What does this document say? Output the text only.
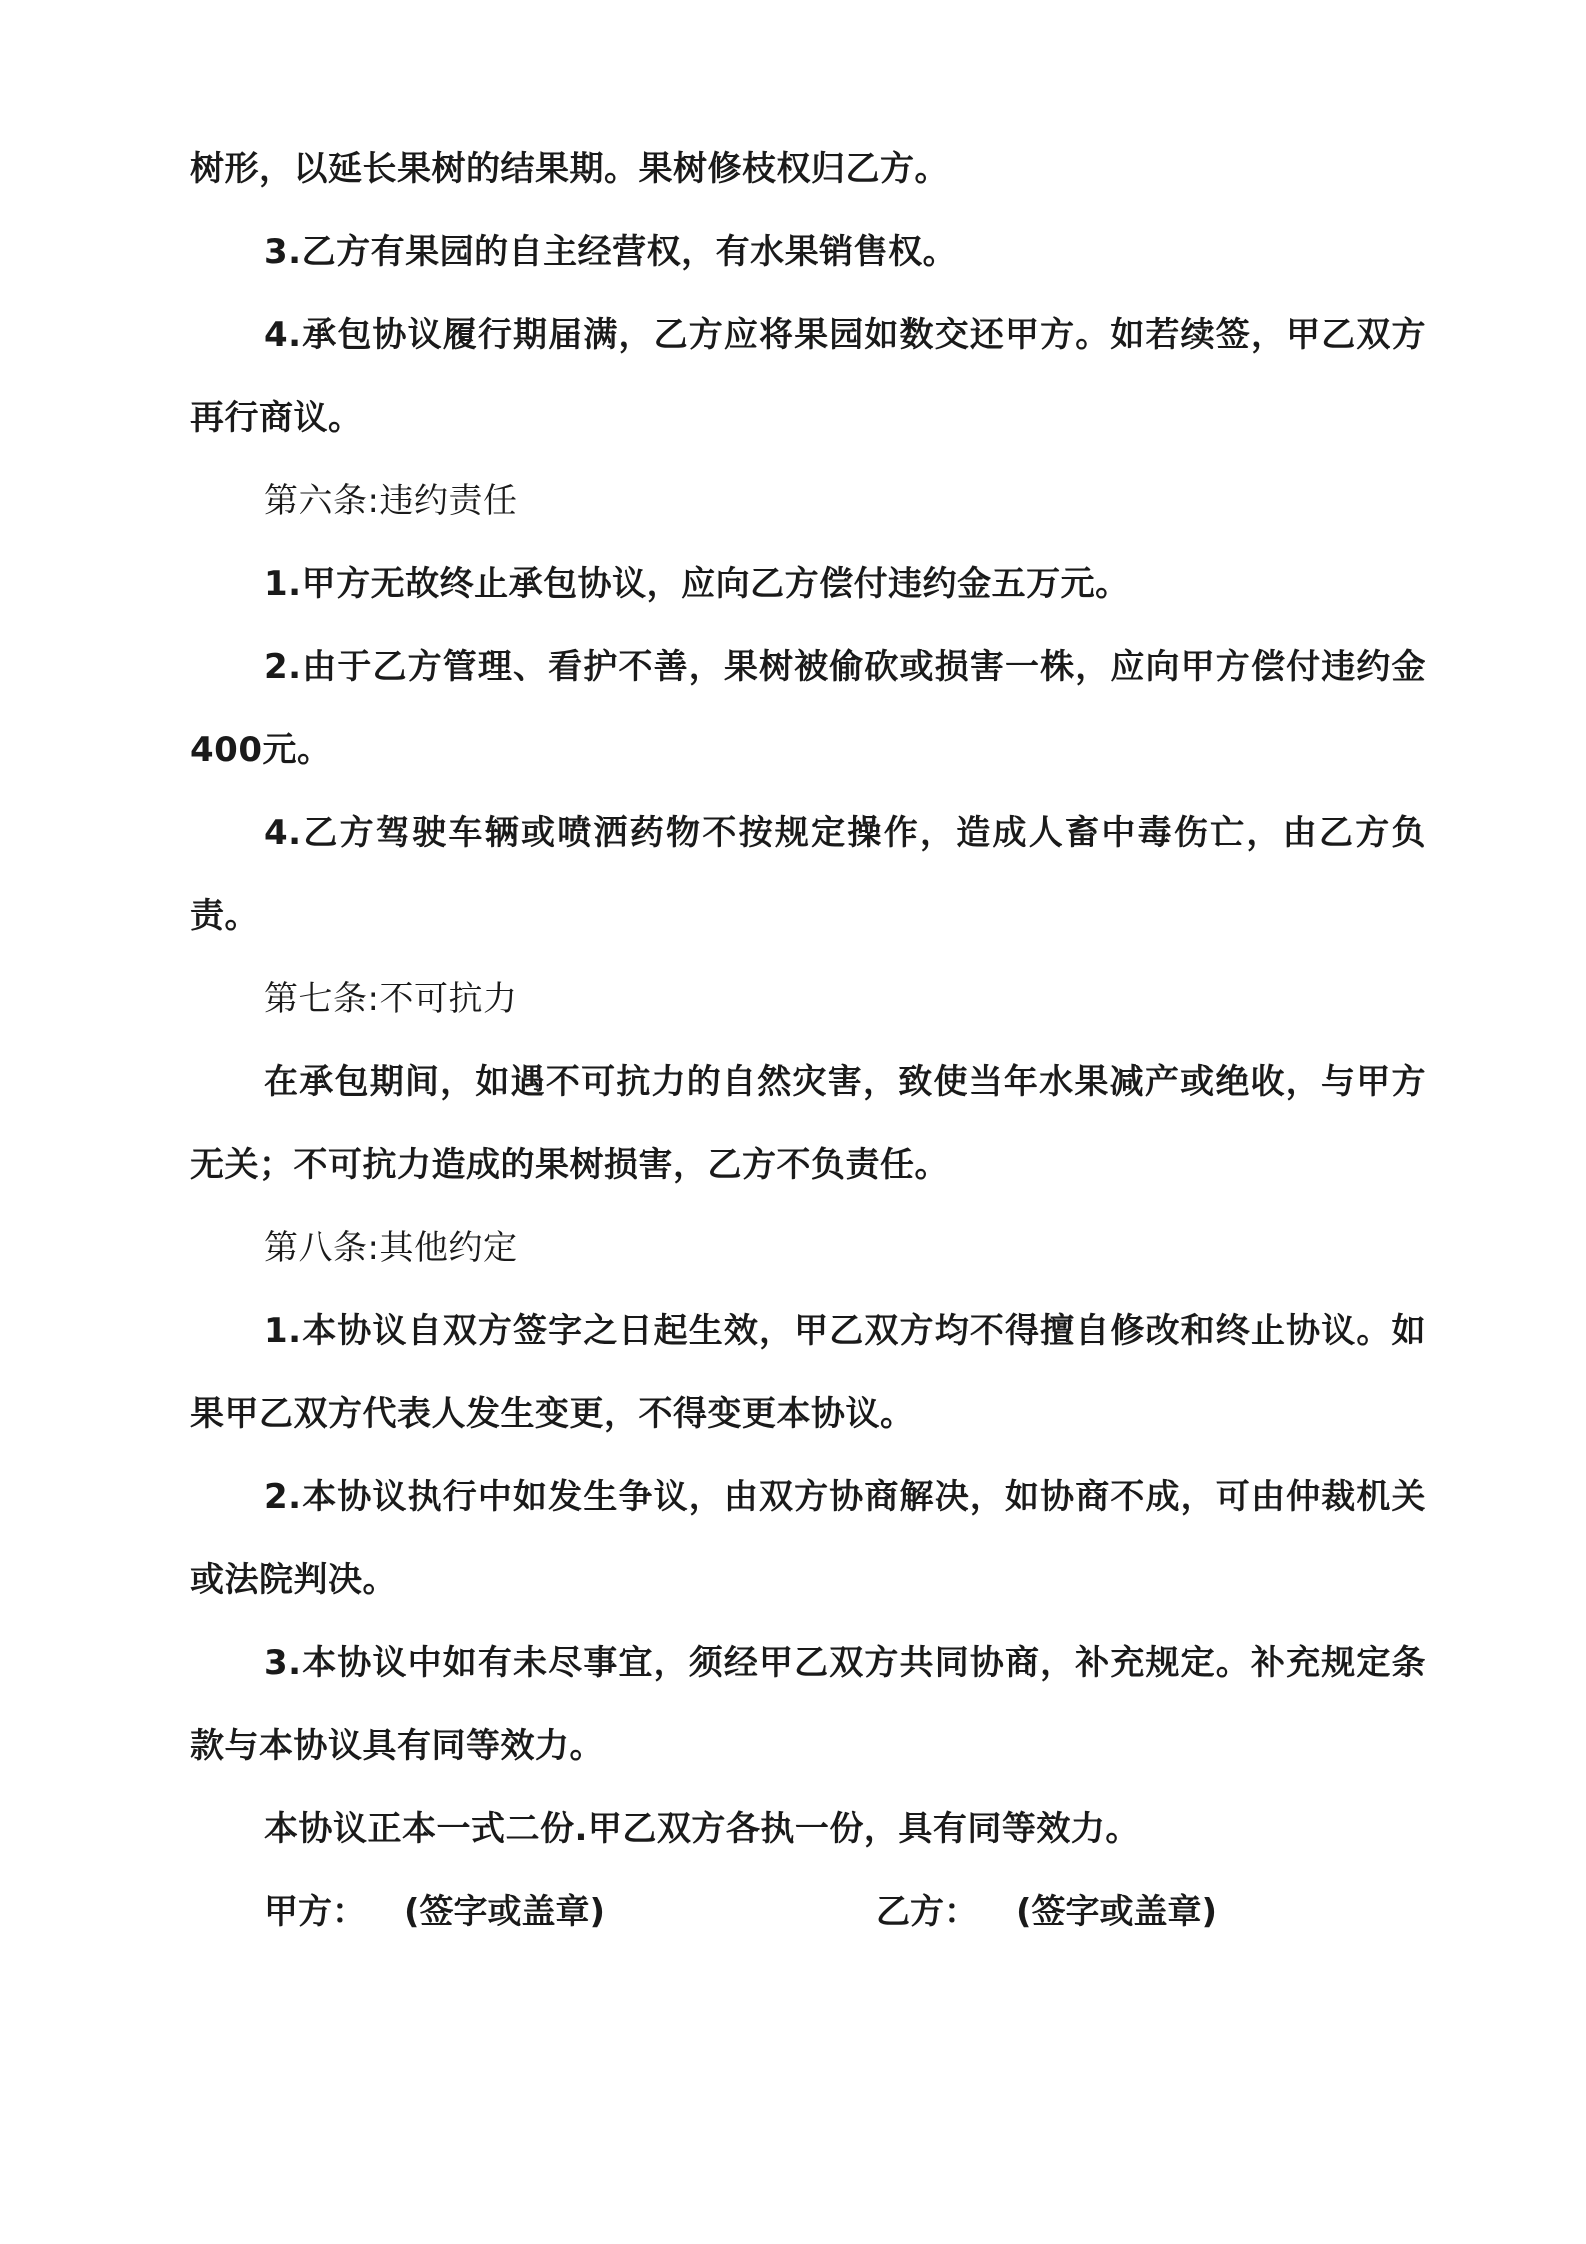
树形，以延长果树的结果期。果树修枝权归乙方。

3.乙方有果园的自主经营权，有水果销售权。

4.承包协议履行期届满，乙方应将果园如数交还甲方。如若续签，甲乙双方再行商议。

第六条:违约责任

1.甲方无故终止承包协议，应向乙方偿付违约金五万元。

2.由于乙方管理、看护不善，果树被偷砍或损害一株，应向甲方偿付违约金400元。

4.乙方驾驶车辆或喷洒药物不按规定操作，造成人畜中毒伤亡，由乙方负责。

第七条:不可抗力

在承包期间，如遇不可抗力的自然灾害，致使当年水果减产或绝收，与甲方无关；不可抗力造成的果树损害，乙方不负责任。

第八条:其他约定

1.本协议自双方签字之日起生效，甲乙双方均不得擅自修改和终止协议。如果甲乙双方代表人发生变更，不得变更本协议。

2.本协议执行中如发生争议，由双方协商解决，如协商不成，可由仲裁机关或法院判决。

3.本协议中如有未尽事宜，须经甲乙双方共同协商，补充规定。补充规定条款与本协议具有同等效力。

本协议正本一式二份.甲乙双方各执一份，具有同等效力。

甲方： (签字或盖章)	乙方： (签字或盖章)
